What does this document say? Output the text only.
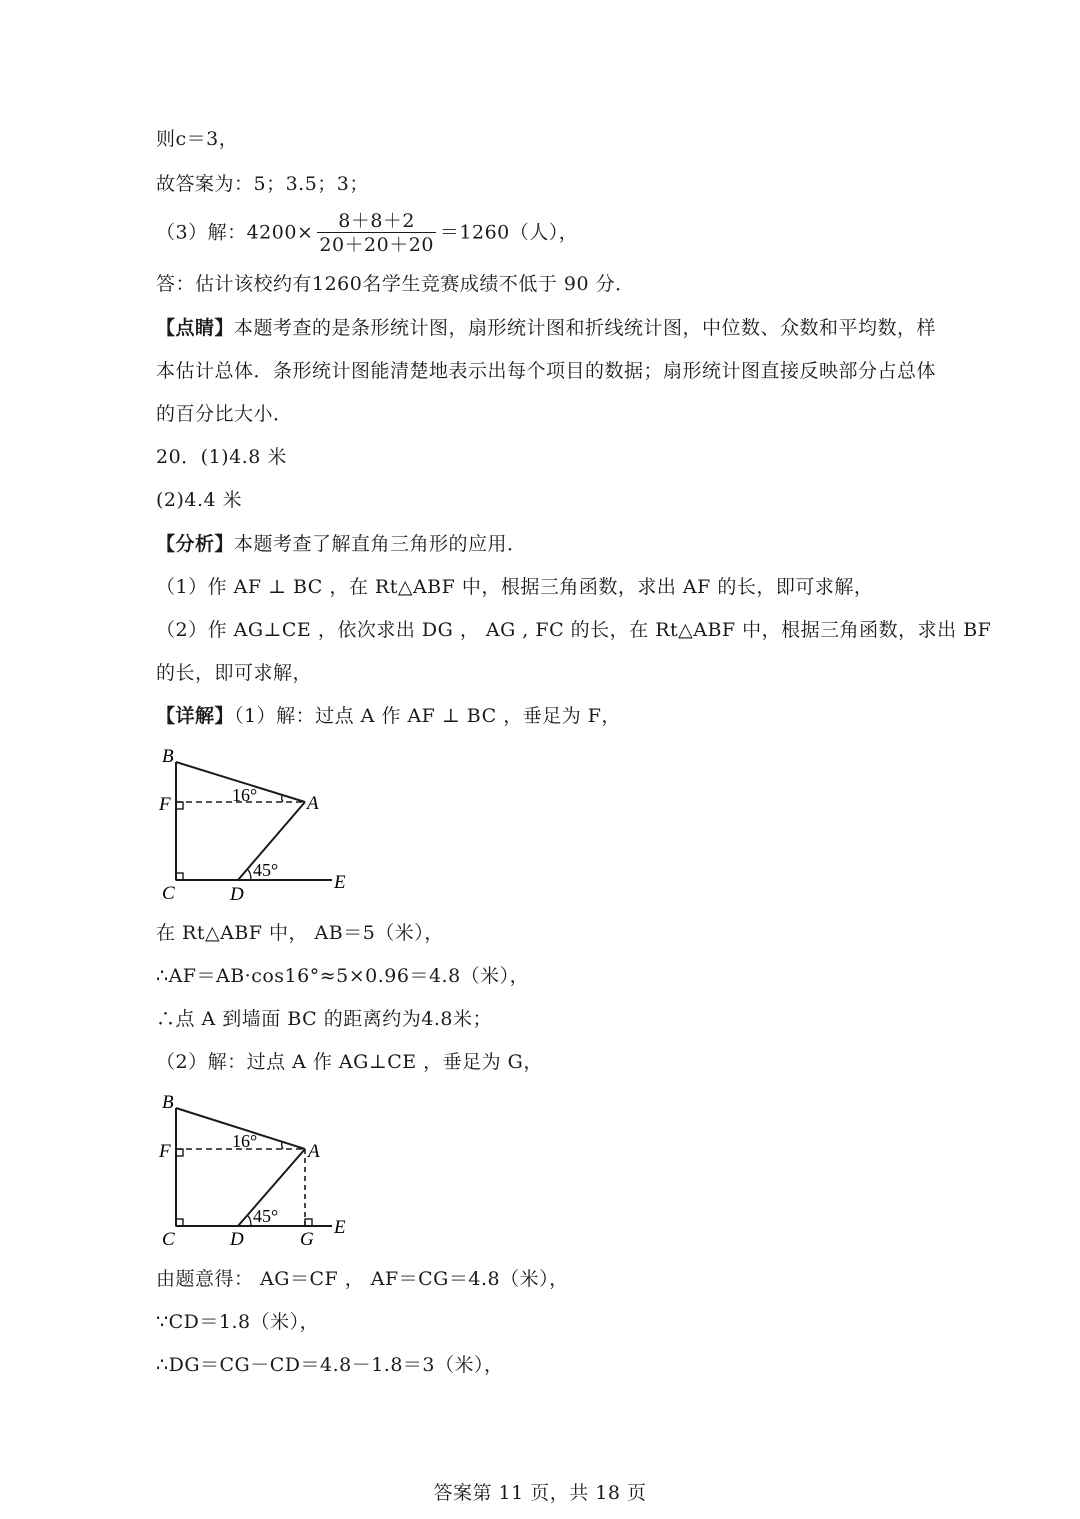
则c＝3，
故答案为：5；3.5；3；
（3）解：$4200\times \frac{8+8+2}{20+20+20} =1260$（人），
答：估计该校约有1260名学生竞赛成绩不低于 90 分．
【点睛】本题考查的是条形统计图，扇形统计图和折线统计图，中位数、众数和平均数，样
本估计总体．条形统计图能清楚地表示出每个项目的数据；扇形统计图直接反映部分占总体
的百分比大小．
20．(1)4.8 米
(2)4.4 米
【分析】本题考查了解直角三角形的应用．
（1）作 AF ⊥ BC ，在 Rt△ABF 中，根据三角函数，求出 AF 的长，即可求解，
（2）作 AG⊥CE ，依次求出 DG ， AG , FC 的长，在 Rt△ABF 中，根据三角函数，求出 BF
的长，即可求解，
【详解】（1）解：过点 A 作 AF ⊥ BC ，垂足为 F，
B
F	A
C	D
E
16°
45°
在 Rt△ABF 中， AB＝5（米），
∴AF＝AB·cos16°≈5×0.96＝4.8（米），
∴点 A 到墙面 BC 的距离约为4.8米；
（2）解：过点 A 作 AG⊥CE ，垂足为 G，
B
F	A
C	D	G
E
16°
45°
由题意得： AG＝CF ， AF＝CG＝4.8（米），
∵CD＝1.8（米），
∴DG＝CG－CD＝4.8－1.8＝3（米），
答案第 11 页，共 18 页
